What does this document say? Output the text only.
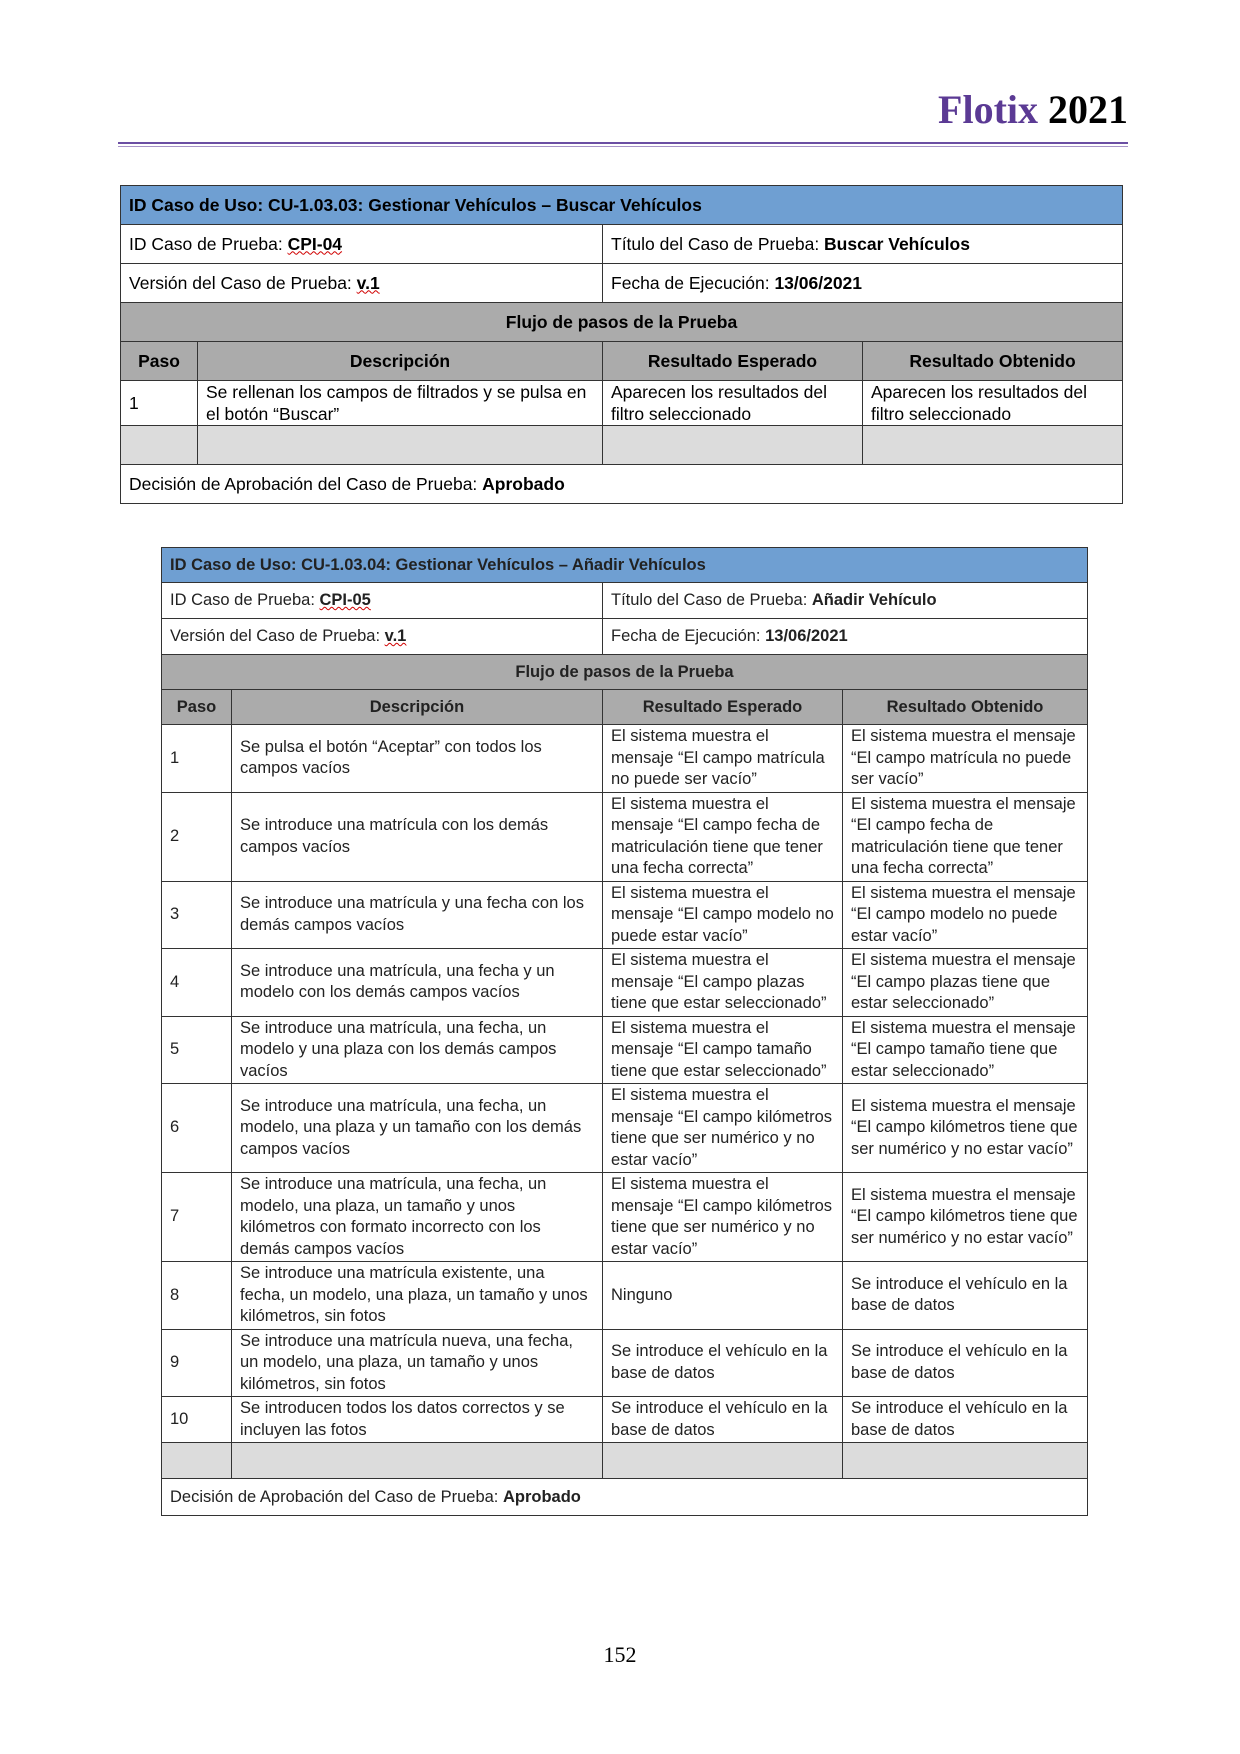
Flotix 2021
ID Caso de Uso: CU-1.03.03: Gestionar Vehículos – Buscar Vehículos			
ID Caso de Prueba: CPI-04		Título del Caso de Prueba: Buscar Vehículos	
Versión del Caso de Prueba: v.1		Fecha de Ejecución: 13/06/2021	
Flujo de pasos de la Prueba			
Paso	Descripción	Resultado Esperado	Resultado Obtenido
1	Se rellenan los campos de filtrados y se pulsa en el botón “Buscar”	Aparecen los resultados del filtro seleccionado	Aparecen los resultados del filtro seleccionado

Decisión de Aprobación del Caso de Prueba: Aprobado			
ID Caso de Uso: CU-1.03.04: Gestionar Vehículos – Añadir Vehículos			
ID Caso de Prueba: CPI-05		Título del Caso de Prueba: Añadir Vehículo	
Versión del Caso de Prueba: v.1		Fecha de Ejecución: 13/06/2021	
Flujo de pasos de la Prueba			
Paso	Descripción	Resultado Esperado	Resultado Obtenido
1	Se pulsa el botón “Aceptar” con todos los campos vacíos	El sistema muestra el mensaje “El campo matrícula no puede ser vacío”	El sistema muestra el mensaje “El campo matrícula no puede ser vacío”
2	Se introduce una matrícula con los demás campos vacíos	El sistema muestra el mensaje “El campo fecha de matriculación tiene que tener una fecha correcta”	El sistema muestra el mensaje “El campo fecha de matriculación tiene que tener una fecha correcta”
3	Se introduce una matrícula y una fecha con los demás campos vacíos	El sistema muestra el mensaje “El campo modelo no puede estar vacío”	El sistema muestra el mensaje “El campo modelo no puede estar vacío”
4	Se introduce una matrícula, una fecha y un modelo con los demás campos vacíos	El sistema muestra el mensaje “El campo plazas tiene que estar seleccionado”	El sistema muestra el mensaje “El campo plazas tiene que estar seleccionado”
5	Se introduce una matrícula, una fecha, un modelo y una plaza con los demás campos vacíos	El sistema muestra el mensaje “El campo tamaño tiene que estar seleccionado”	El sistema muestra el mensaje “El campo tamaño tiene que estar seleccionado”
6	Se introduce una matrícula, una fecha, un modelo, una plaza y un tamaño con los demás campos vacíos	El sistema muestra el mensaje “El campo kilómetros tiene que ser numérico y no estar vacío”	El sistema muestra el mensaje “El campo kilómetros tiene que ser numérico y no estar vacío”
7	Se introduce una matrícula, una fecha, un modelo, una plaza, un tamaño y unos kilómetros con formato incorrecto con los demás campos vacíos	El sistema muestra el mensaje “El campo kilómetros tiene que ser numérico y no estar vacío”	El sistema muestra el mensaje “El campo kilómetros tiene que ser numérico y no estar vacío”
8	Se introduce una matrícula existente, una fecha, un modelo, una plaza, un tamaño y unos kilómetros, sin fotos	Ninguno	Se introduce el vehículo en la base de datos
9	Se introduce una matrícula nueva, una fecha, un modelo, una plaza, un tamaño y unos kilómetros, sin fotos	Se introduce el vehículo en la base de datos	Se introduce el vehículo en la base de datos
10	Se introducen todos los datos correctos y se incluyen las fotos	Se introduce el vehículo en la base de datos	Se introduce el vehículo en la base de datos

Decisión de Aprobación del Caso de Prueba: Aprobado			
152
